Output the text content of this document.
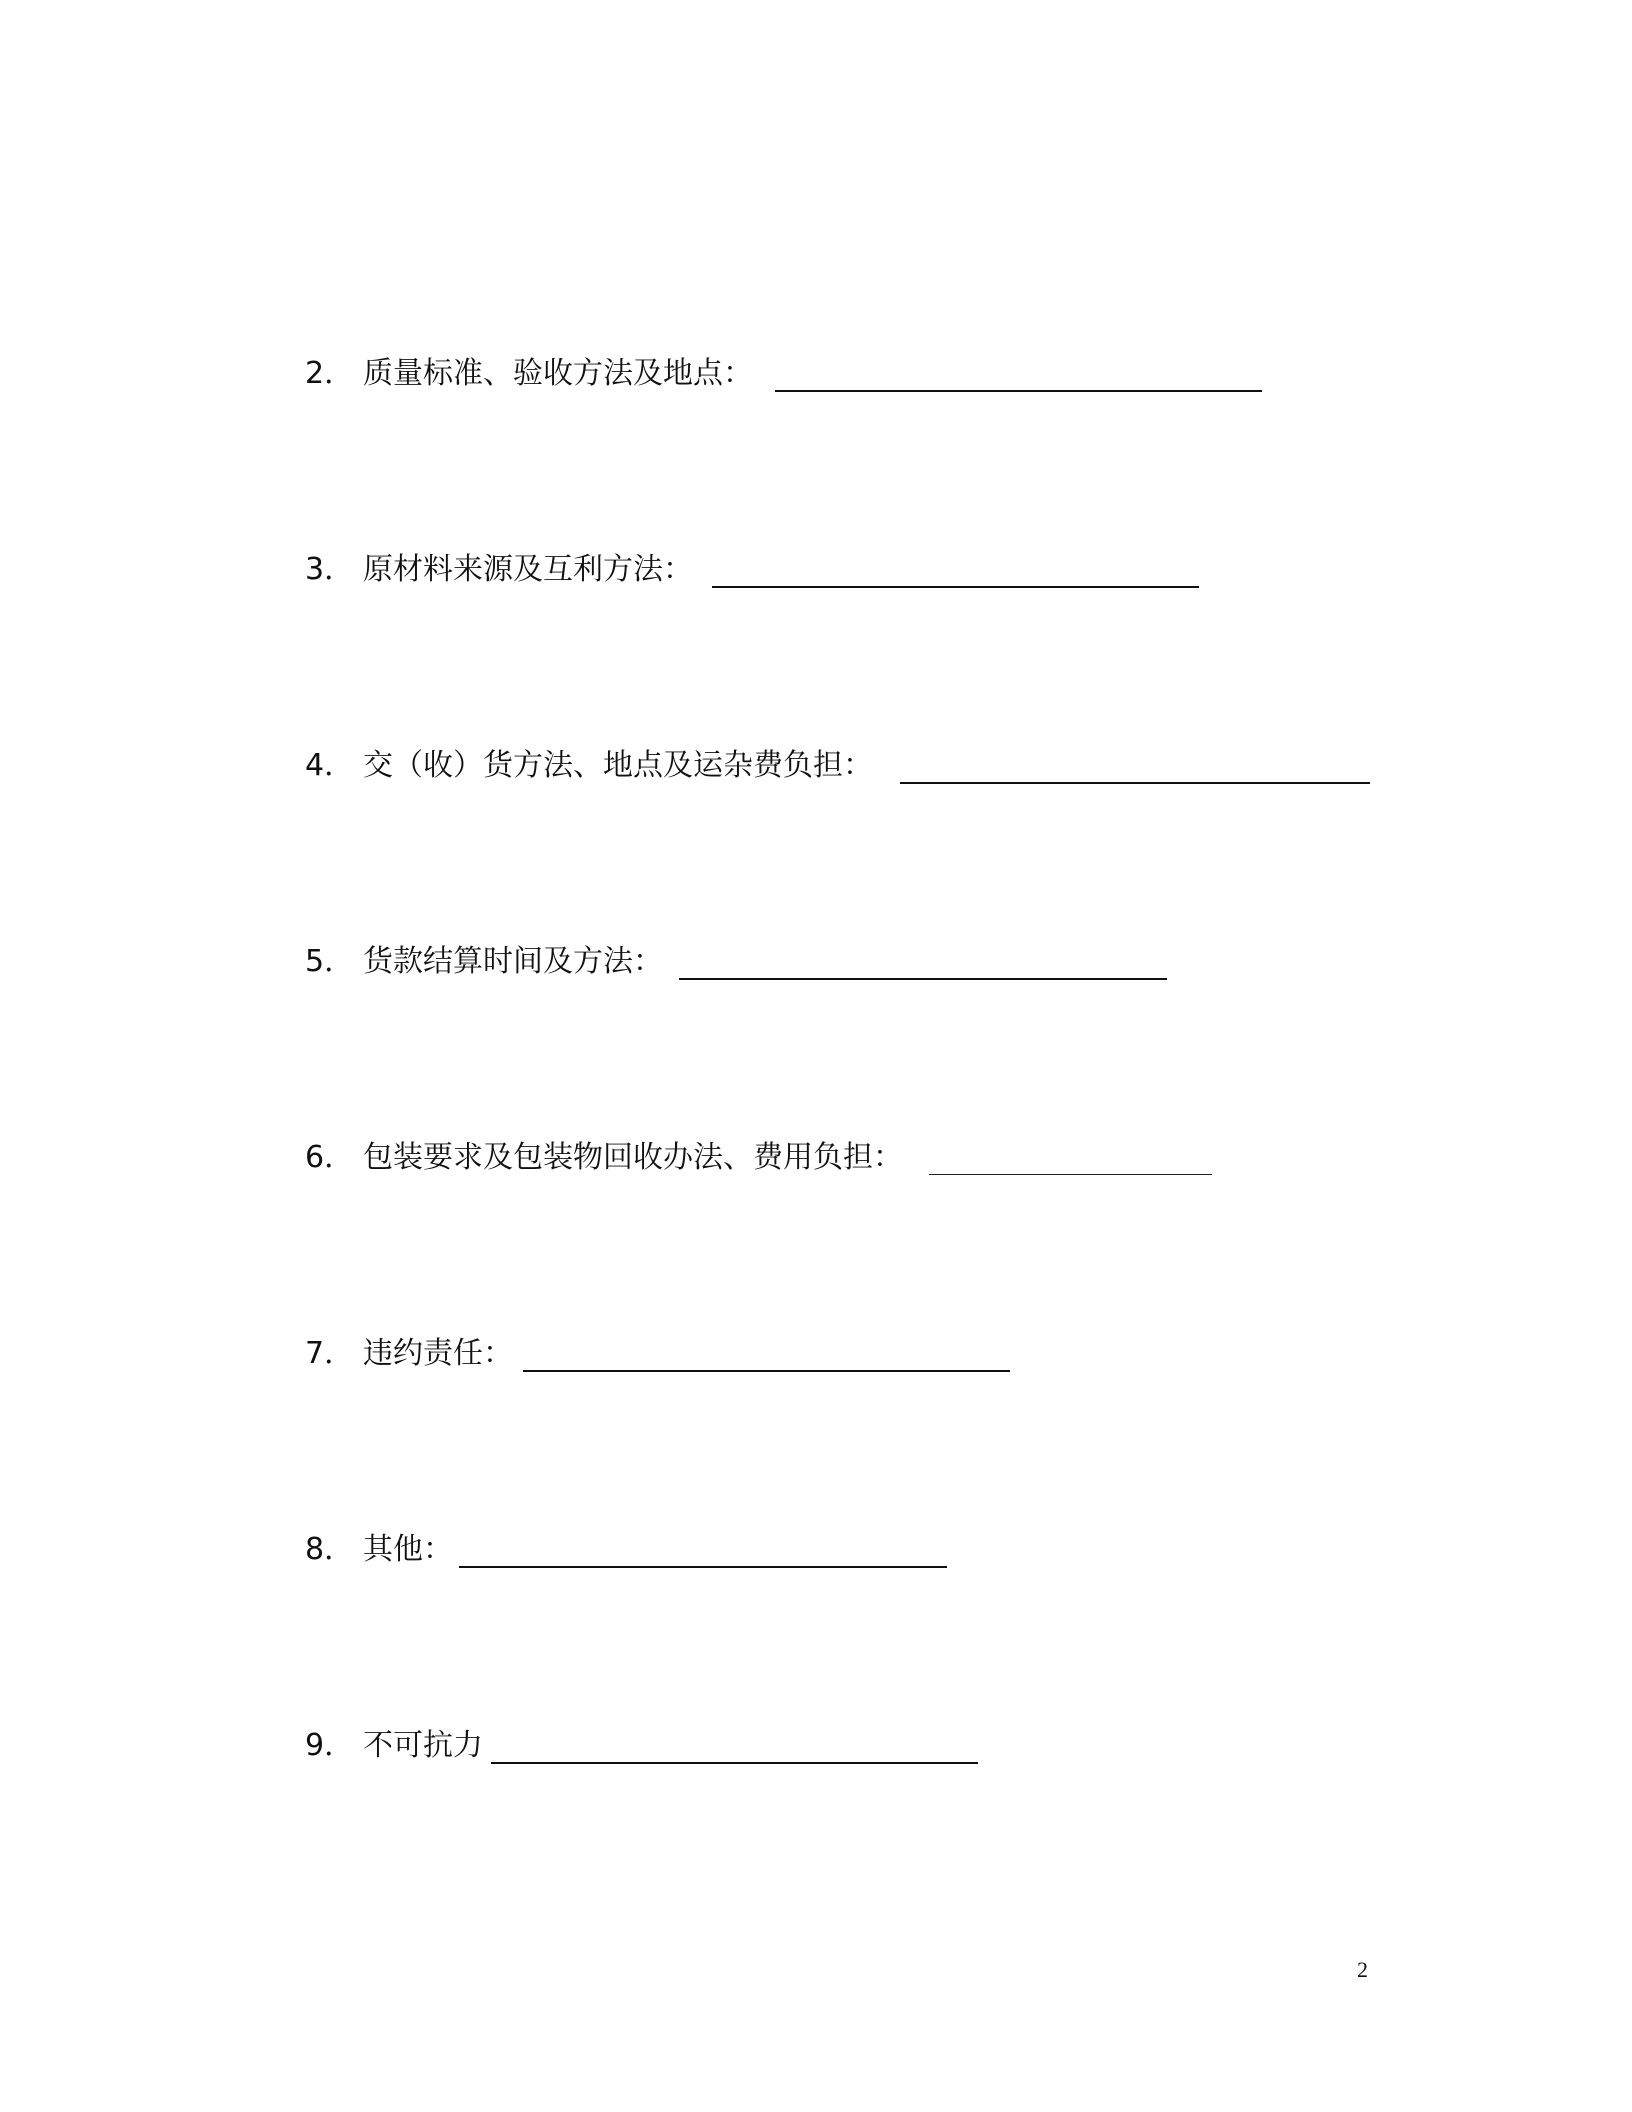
2． 质量标准、验收方法及地点：
3． 原材料来源及互利方法：
4． 交（收）货方法、地点及运杂费负担：
5． 货款结算时间及方法：
6． 包装要求及包装物回收办法、费用负担：
7． 违约责任：
8． 其他：
9． 不可抗力
2
